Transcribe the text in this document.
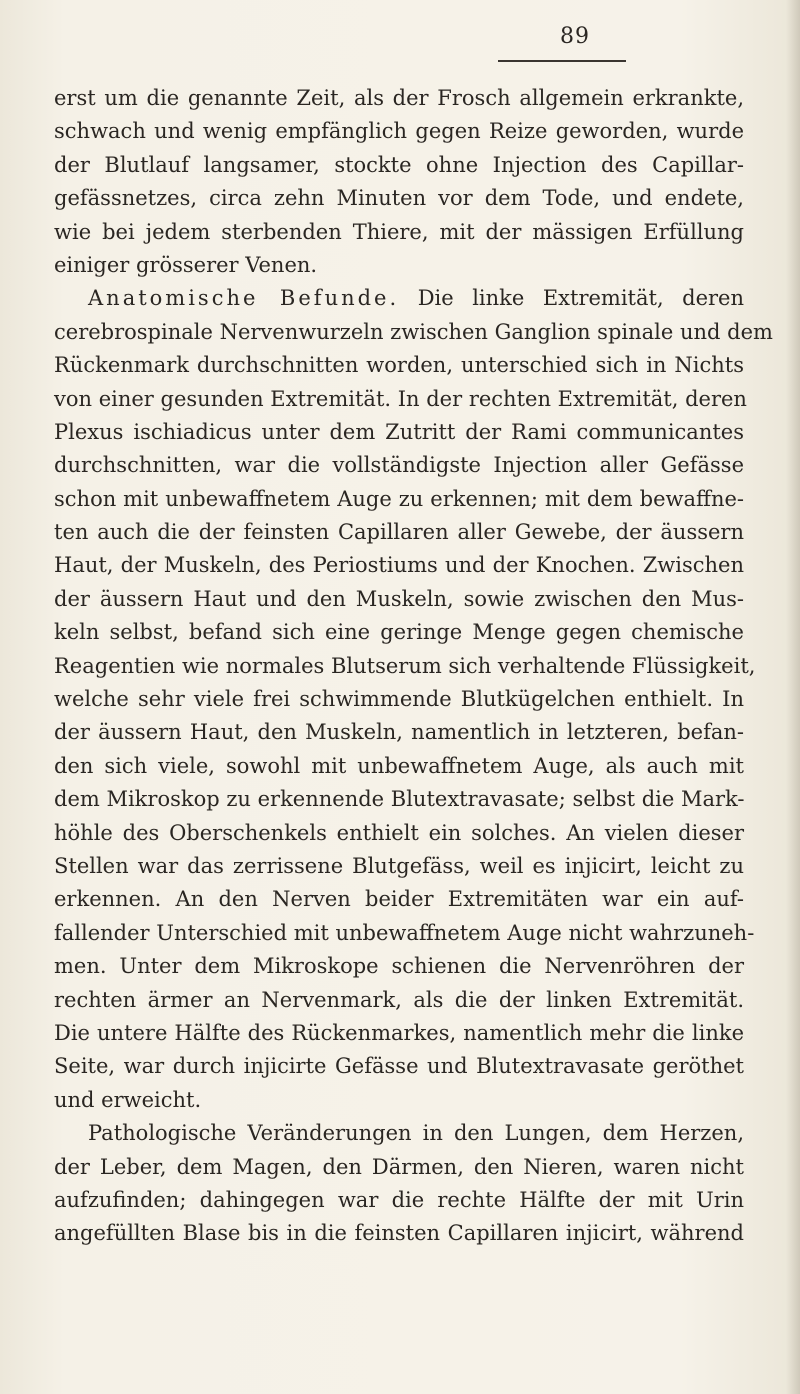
89
erst um die genannte Zeit, als der Frosch allgemein erkrankte,
schwach und wenig empfänglich gegen Reize geworden, wurde
der Blutlauf langsamer, stockte ohne Injection des Capillar-
gefässnetzes, circa zehn Minuten vor dem Tode, und endete,
wie bei jedem sterbenden Thiere, mit der mässigen Erfüllung
einiger grösserer Venen.
Anatomische Befunde. Die linke Extremität, deren
cerebrospinale Nervenwurzeln zwischen Ganglion spinale und dem
Rückenmark durchschnitten worden, unterschied sich in Nichts
von einer gesunden Extremität. In der rechten Extremität, deren
Plexus ischiadicus unter dem Zutritt der Rami communicantes
durchschnitten, war die vollständigste Injection aller Gefässe
schon mit unbewaffnetem Auge zu erkennen; mit dem bewaffne-
ten auch die der feinsten Capillaren aller Gewebe, der äussern
Haut, der Muskeln, des Periostiums und der Knochen. Zwischen
der äussern Haut und den Muskeln, sowie zwischen den Mus-
keln selbst, befand sich eine geringe Menge gegen chemische
Reagentien wie normales Blutserum sich verhaltende Flüssigkeit,
welche sehr viele frei schwimmende Blutkügelchen enthielt. In
der äussern Haut, den Muskeln, namentlich in letzteren, befan-
den sich viele, sowohl mit unbewaffnetem Auge, als auch mit
dem Mikroskop zu erkennende Blutextravasate; selbst die Mark-
höhle des Oberschenkels enthielt ein solches. An vielen dieser
Stellen war das zerrissene Blutgefäss, weil es injicirt, leicht zu
erkennen. An den Nerven beider Extremitäten war ein auf-
fallender Unterschied mit unbewaffnetem Auge nicht wahrzuneh-
men. Unter dem Mikroskope schienen die Nervenröhren der
rechten ärmer an Nervenmark, als die der linken Extremität.
Die untere Hälfte des Rückenmarkes, namentlich mehr die linke
Seite, war durch injicirte Gefässe und Blutextravasate geröthet
und erweicht.
Pathologische Veränderungen in den Lungen, dem Herzen,
der Leber, dem Magen, den Därmen, den Nieren, waren nicht
aufzufinden; dahingegen war die rechte Hälfte der mit Urin
angefüllten Blase bis in die feinsten Capillaren injicirt, während
